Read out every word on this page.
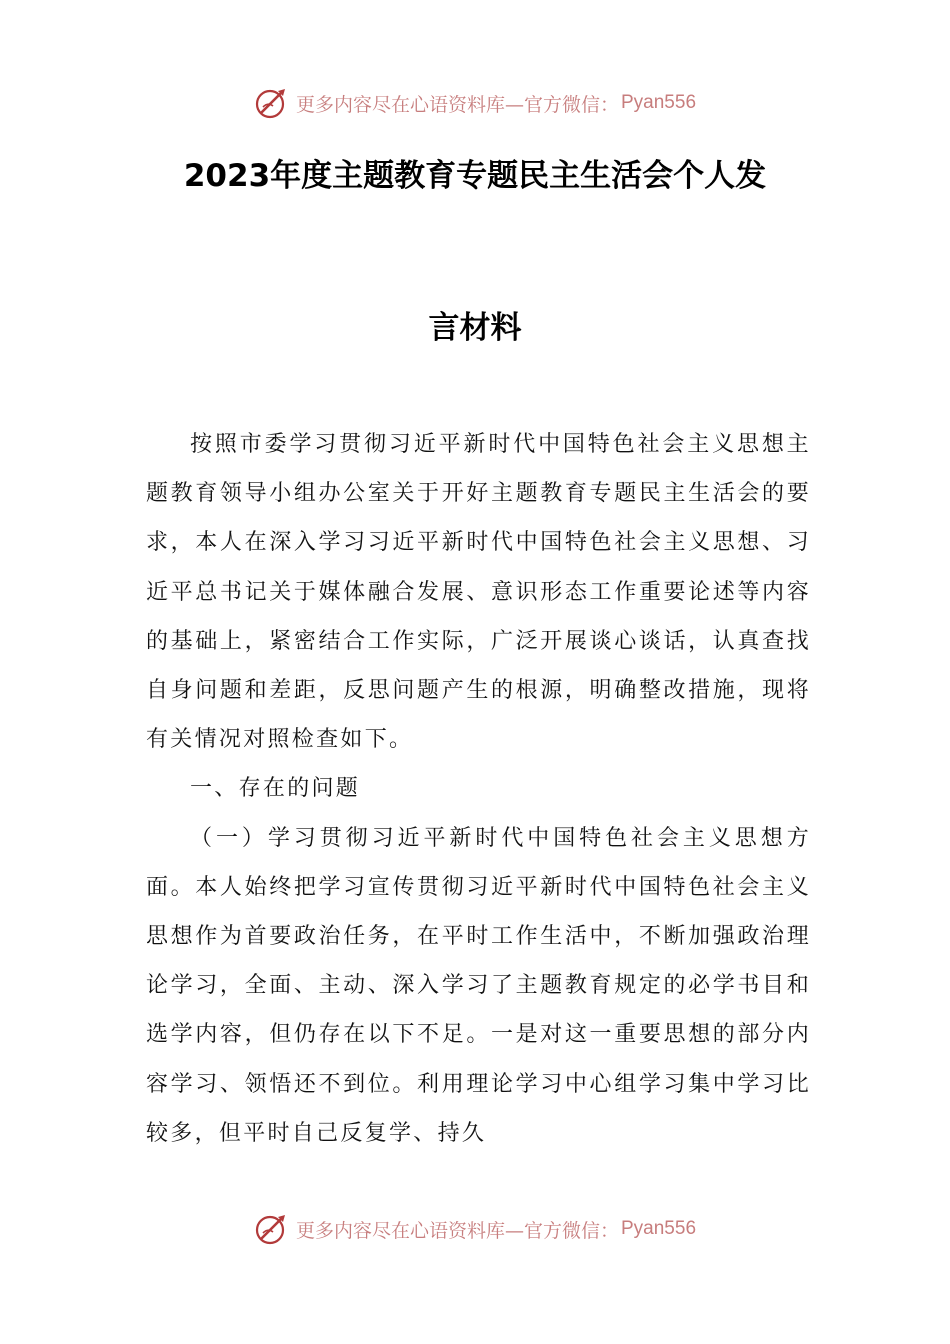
更多内容尽在心语资料库—官方微信： Pyan556
2023年度主题教育专题民主生活会个人发
言材料

按照市委学习贯彻习近平新时代中国特色社会主义思想主题教育领导小组办公室关于开好主题教育专题民主生活会的要求，本人在深入学习习近平新时代中国特色社会主义思想、习近平总书记关于媒体融合发展、意识形态工作重要论述等内容的基础上，紧密结合工作实际，广泛开展谈心谈话，认真查找自身问题和差距，反思问题产生的根源，明确整改措施，现将有关情况对照检查如下。

一、存在的问题

（一）学习贯彻习近平新时代中国特色社会主义思想方面。本人始终把学习宣传贯彻习近平新时代中国特色社会主义思想作为首要政治任务，在平时工作生活中，不断加强政治理论学习，全面、主动、深入学习了主题教育规定的必学书目和选学内容，但仍存在以下不足。一是对这一重要思想的部分内容学习、领悟还不到位。利用理论学习中心组学习集中学习比较多，但平时自己反复学、持久

更多内容尽在心语资料库—官方微信： Pyan556
